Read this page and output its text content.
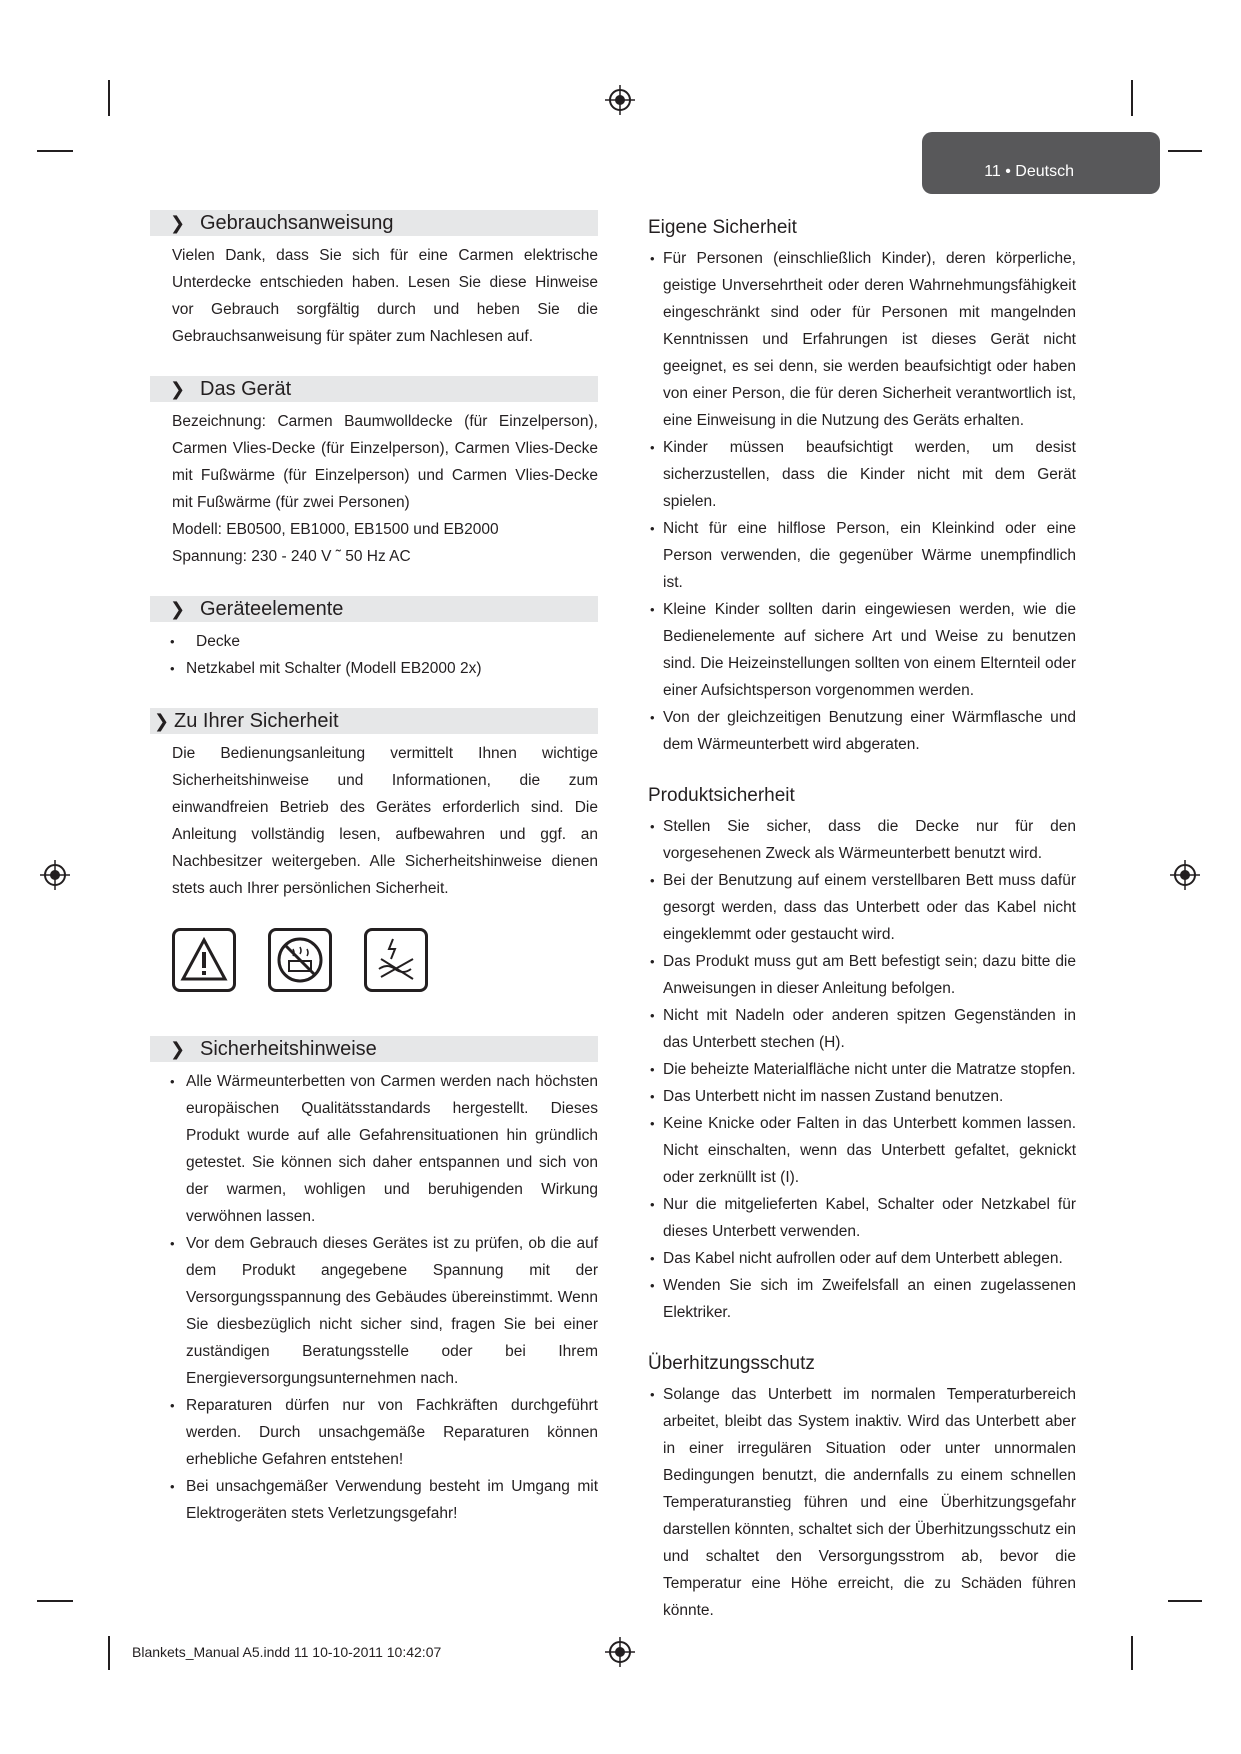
11 • Deutsch
❯ Gebrauchsanweisung

Vielen Dank, dass Sie sich für eine Carmen elektrische Unterdecke entschieden haben. Lesen Sie diese Hinweise vor Gebrauch sorgfältig durch und heben Sie die Gebrauchsanweisung für später zum Nachlesen auf.

❯ Das Gerät

Bezeichnung: Carmen Baumwolldecke (für Einzelperson), Carmen Vlies-Decke (für Einzelperson), Carmen Vlies-Decke mit Fußwärme (für Einzelperson) und Carmen Vlies-Decke mit Fußwärme (für zwei Personen)

Modell: EB0500, EB1000, EB1500 und EB2000

Spannung: 230 - 240 V ˜ 50 Hz AC

❯ Geräteelemente
• Decke
• Netzkabel mit Schalter (Modell EB2000 2x)
❯ Zu Ihrer Sicherheit

Die Bedienungsanleitung vermittelt Ihnen wichtige Sicherheitshinweise und Informationen, die zum einwandfreien Betrieb des Gerätes erforderlich sind. Die Anleitung vollständig lesen, aufbewahren und ggf. an Nachbesitzer weitergeben. Alle Sicherheitshinweise dienen stets auch Ihrer persönlichen Sicherheit.

❯ Sicherheitshinweise
• Alle Wärmeunterbetten von Carmen werden nach höchsten europäischen Qualitätsstandards hergestellt. Dieses Produkt wurde auf alle Gefahrensituationen hin gründlich getestet. Sie können sich daher entspannen und sich von der warmen, wohligen und beruhigenden Wirkung verwöhnen lassen.
• Vor dem Gebrauch dieses Gerätes ist zu prüfen, ob die auf dem Produkt angegebene Spannung mit der Versorgungsspannung des Gebäudes übereinstimmt. Wenn Sie diesbezüglich nicht sicher sind, fragen Sie bei einer zuständigen Beratungsstelle oder bei Ihrem Energieversorgungsunternehmen nach.
• Reparaturen dürfen nur von Fachkräften durchgeführt werden. Durch unsachgemäße Reparaturen können erhebliche Gefahren entstehen!
• Bei unsachgemäßer Verwendung besteht im Umgang mit Elektrogeräten stets Verletzungsgefahr!
Eigene Sicherheit
• Für Personen (einschließlich Kinder), deren körperliche, geistige Unversehrtheit oder deren Wahrnehmungsfähigkeit eingeschränkt sind oder für Personen mit mangelnden Kenntnissen und Erfahrungen ist dieses Gerät nicht geeignet, es sei denn, sie werden beaufsichtigt oder haben von einer Person, die für deren Sicherheit verantwortlich ist, eine Einweisung in die Nutzung des Geräts erhalten.
• Kinder müssen beaufsichtigt werden, um desist sicherzustellen, dass die Kinder nicht mit dem Gerät spielen.
• Nicht für eine hilflose Person, ein Kleinkind oder eine Person verwenden, die gegenüber Wärme unempfindlich ist.
• Kleine Kinder sollten darin eingewiesen werden, wie die Bedienelemente auf sichere Art und Weise zu benutzen sind. Die Heizeinstellungen sollten von einem Elternteil oder einer Aufsichtsperson vorgenommen werden.
• Von der gleichzeitigen Benutzung einer Wärmflasche und dem Wärmeunterbett wird abgeraten.
Produktsicherheit
• Stellen Sie sicher, dass die Decke nur für den vorgesehenen Zweck als Wärmeunterbett benutzt wird.
• Bei der Benutzung auf einem verstellbaren Bett muss dafür gesorgt werden, dass das Unterbett oder das Kabel nicht eingeklemmt oder gestaucht wird.
• Das Produkt muss gut am Bett befestigt sein; dazu bitte die Anweisungen in dieser Anleitung befolgen.
• Nicht mit Nadeln oder anderen spitzen Gegenständen in das Unterbett stechen (H).
• Die beheizte Materialfläche nicht unter die Matratze stopfen.
• Das Unterbett nicht im nassen Zustand benutzen.
• Keine Knicke oder Falten in das Unterbett kommen lassen. Nicht einschalten, wenn das Unterbett gefaltet, geknickt oder zerknüllt ist (I).
• Nur die mitgelieferten Kabel, Schalter oder Netzkabel für dieses Unterbett verwenden.
• Das Kabel nicht aufrollen oder auf dem Unterbett ablegen.
• Wenden Sie sich im Zweifelsfall an einen zugelassenen Elektriker.
Überhitzungsschutz
• Solange das Unterbett im normalen Temperaturbereich arbeitet, bleibt das System inaktiv. Wird das Unterbett aber in einer irregulären Situation oder unter unnormalen Bedingungen benutzt, die andernfalls zu einem schnellen Temperaturanstieg führen und eine Überhitzungsgefahr darstellen könnten, schaltet sich der Überhitzungsschutz ein und schaltet den Versorgungsstrom ab, bevor die Temperatur eine Höhe erreicht, die zu Schäden führen könnte.
Blankets_Manual A5.indd 11 10-10-2011 10:42:07
